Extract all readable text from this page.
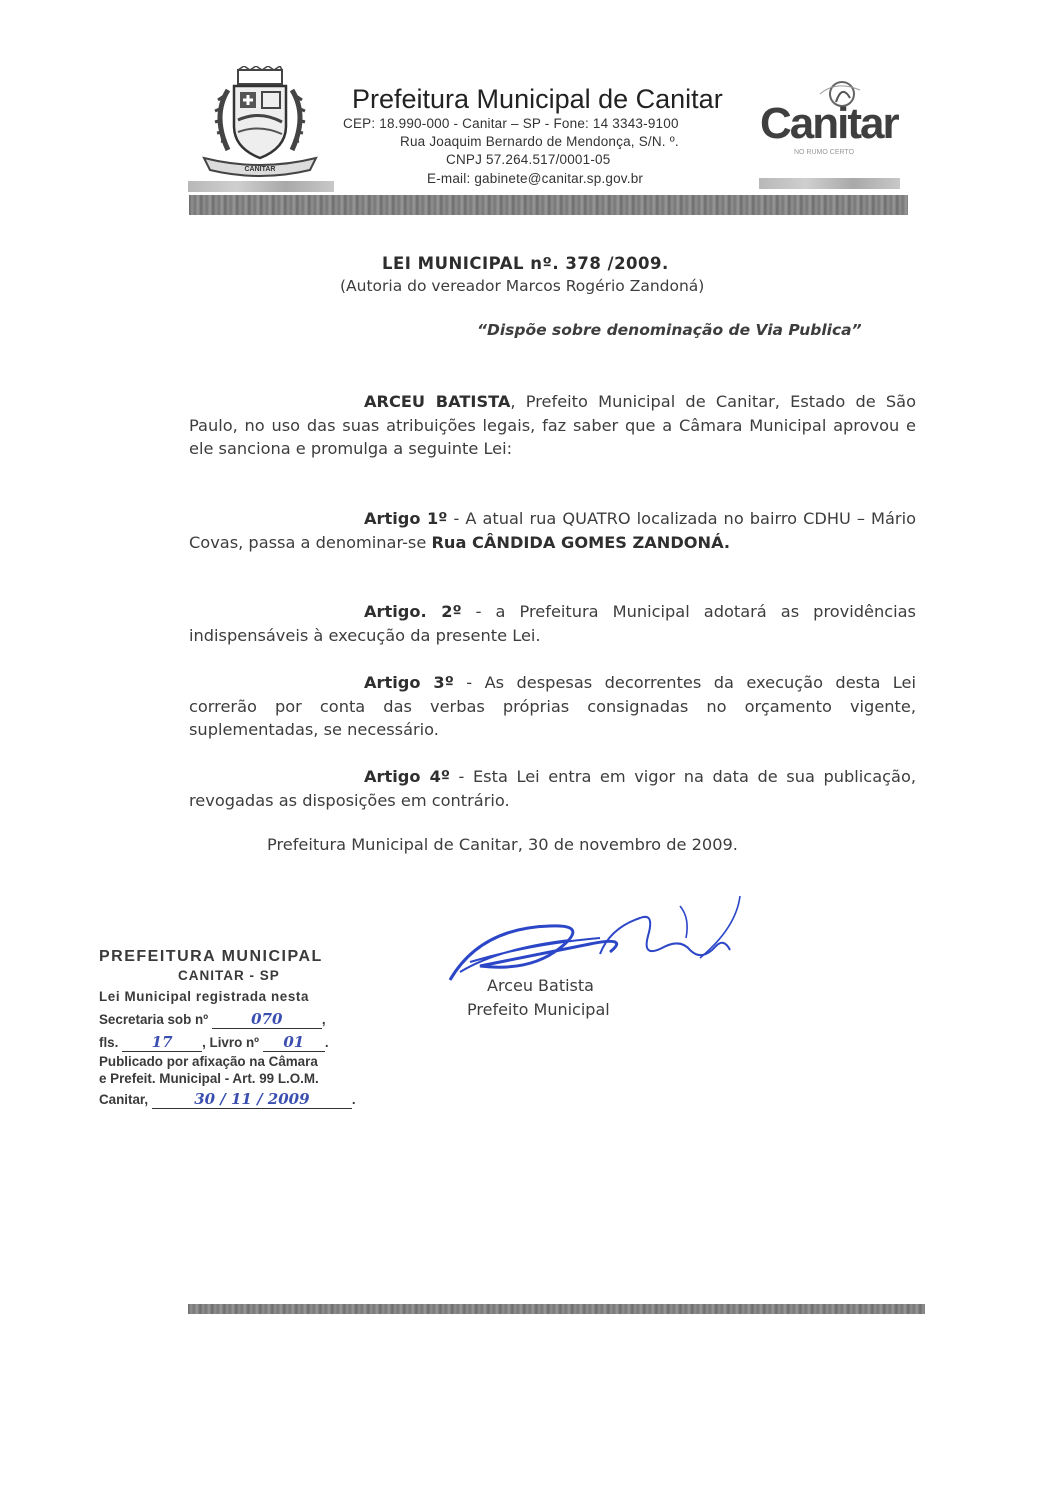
CANITAR
Prefeitura Municipal de Canitar
CEP: 18.990-000 - Canitar – SP - Fone: 14 3343-9100
Rua Joaquim Bernardo de Mendonça, S/N. º.
CNPJ 57.264.517/0001-05
E-mail: gabinete@canitar.sp.gov.br
Canitar
NO RUMO CERTO
LEI MUNICIPAL nº. 378 /2009.
(Autoria do vereador Marcos Rogério Zandoná)
“Dispõe sobre denominação de Via Publica”
ARCEU BATISTA, Prefeito Municipal de Canitar, Estado de São Paulo, no uso das suas atribuições legais, faz saber que a Câmara Municipal aprovou e ele sanciona e promulga a seguinte Lei:
Artigo 1º - A atual rua QUATRO localizada no bairro CDHU – Mário Covas, passa a denominar-se Rua CÂNDIDA GOMES ZANDONÁ.
Artigo. 2º - a Prefeitura Municipal adotará as providências indispensáveis à execução da presente Lei.
Artigo 3º - As despesas decorrentes da execução desta Lei correrão por conta das verbas próprias consignadas no orçamento vigente, suplementadas, se necessário.
Artigo 4º - Esta Lei entra em vigor na data de sua publicação, revogadas as disposições em contrário.
Prefeitura Municipal de Canitar, 30 de novembro de 2009.
Arceu Batista
Prefeito Municipal
PREFEITURA MUNICIPAL
CANITAR - SP
Lei Municipal registrada nesta
Secretaria sob nº	070	,
fls. 17 , Livro nº 01 .
Publicado por afixação na Câmara
e Prefeit. Municipal - Art. 99 L.O.M.
Canitar,	30 / 11 / 2009	.
